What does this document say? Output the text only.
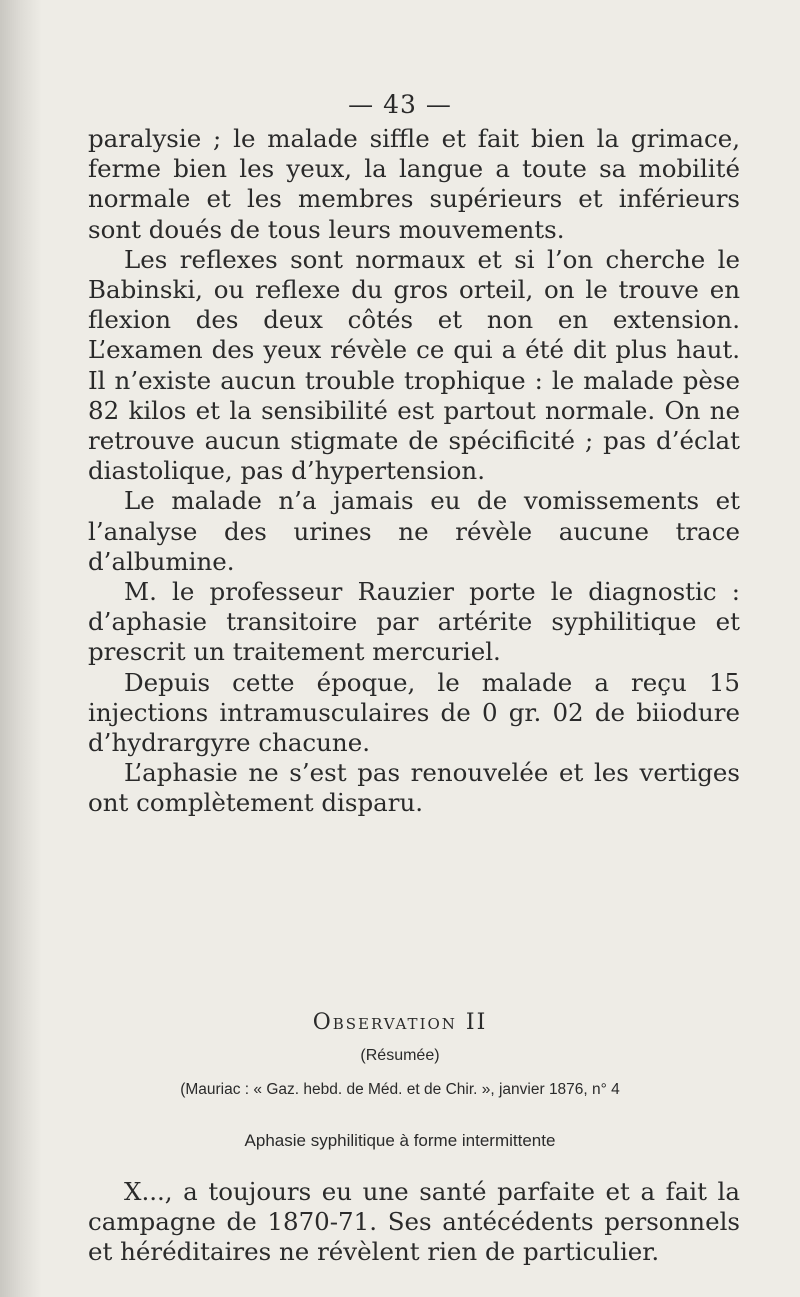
— 43 —

paralysie ; le malade siffle et fait bien la grimace, ferme bien les yeux, la langue a toute sa mobilité normale et les membres supérieurs et inférieurs sont doués de tous leurs mouvements.

Les reflexes sont normaux et si l’on cherche le Babinski, ou reflexe du gros orteil, on le trouve en flexion des deux côtés et non en extension. L’examen des yeux révèle ce qui a été dit plus haut. Il n’existe aucun trouble trophique : le malade pèse 82 kilos et la sensibilité est partout normale. On ne retrouve aucun stigmate de spécificité ; pas d’éclat diastolique, pas d’hypertension.

Le malade n’a jamais eu de vomissements et l’analyse des urines ne révèle aucune trace d’albumine.

M. le professeur Rauzier porte le diagnostic : d’aphasie transitoire par artérite syphilitique et prescrit un traitement mercuriel.

Depuis cette époque, le malade a reçu 15 injections intramusculaires de 0 gr. 02 de biiodure d’hydrargyre chacune.

L’aphasie ne s’est pas renouvelée et les vertiges ont complètement disparu.

Observation II
(Résumée)
(Mauriac : « Gaz. hebd. de Méd. et de Chir. », janvier 1876, n° 4
Aphasie syphilitique à forme intermittente

X..., a toujours eu une santé parfaite et a fait la campagne de 1870-71. Ses antécédents personnels et héréditaires ne révèlent rien de particulier.
